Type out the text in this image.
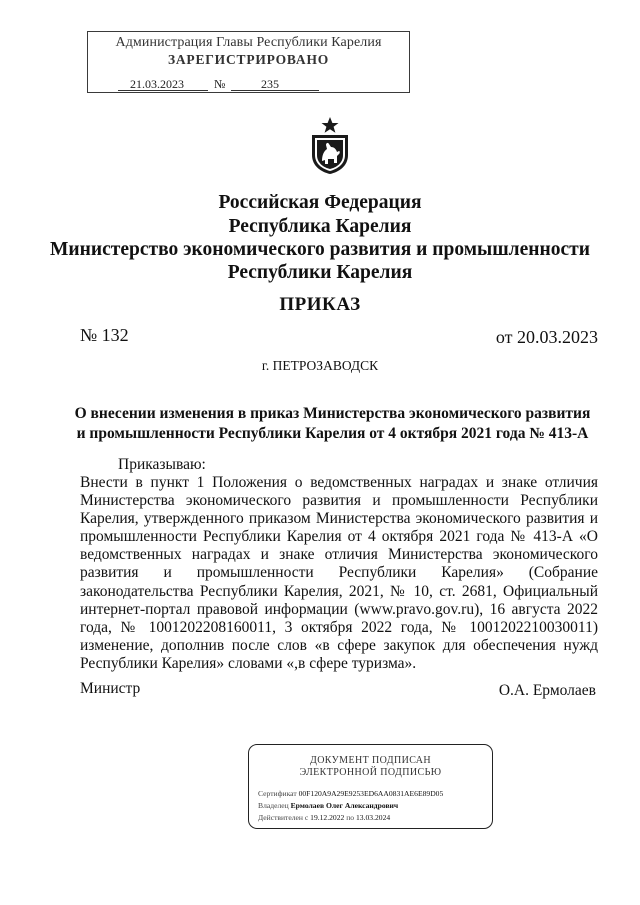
Администрация Главы Республики Карелия
ЗАРЕГИСТРИРОВАНО
21.03.2023	№	235
Российская Федерация
Республика Карелия
Министерство экономического развития и промышленности
Республики Карелия
ПРИКАЗ
№ 132	от 20.03.2023
г. ПЕТРОЗАВОДСК
О внесении изменения в приказ Министерства экономического развития и промышленности Республики Карелия от 4 октября 2021 года № 413-А
Приказываю:
Внести в пункт 1 Положения о ведомственных наградах и знаке отличия Министерства экономического развития и промышленности Республики Карелия, утвержденного приказом Министерства экономического развития и промышленности Республики Карелия от 4 октября 2021 года № 413-А «О ведомственных наградах и знаке отличия Министерства экономического развития и промышленности Республики Карелия» (Собрание законодательства Республики Карелия, 2021, № 10, ст. 2681, Официальный интернет-портал правовой информации (www.pravo.gov.ru), 16 августа 2022 года, № 1001202208160011, 3 октября 2022 года, № 1001202210030011) изменение, дополнив после слов «в сфере закупок для обеспечения нужд Республики Карелия» словами «,в сфере туризма».
Министр	О.А. Ермолаев
ДОКУМЕНТ ПОДПИСАН
ЭЛЕКТРОННОЙ ПОДПИСЬЮ
Сертификат 00F120A9A29E9253ED6AA0831AE6E89D05
Владелец Ермолаев Олег Александрович
Действителен с 19.12.2022 по 13.03.2024
